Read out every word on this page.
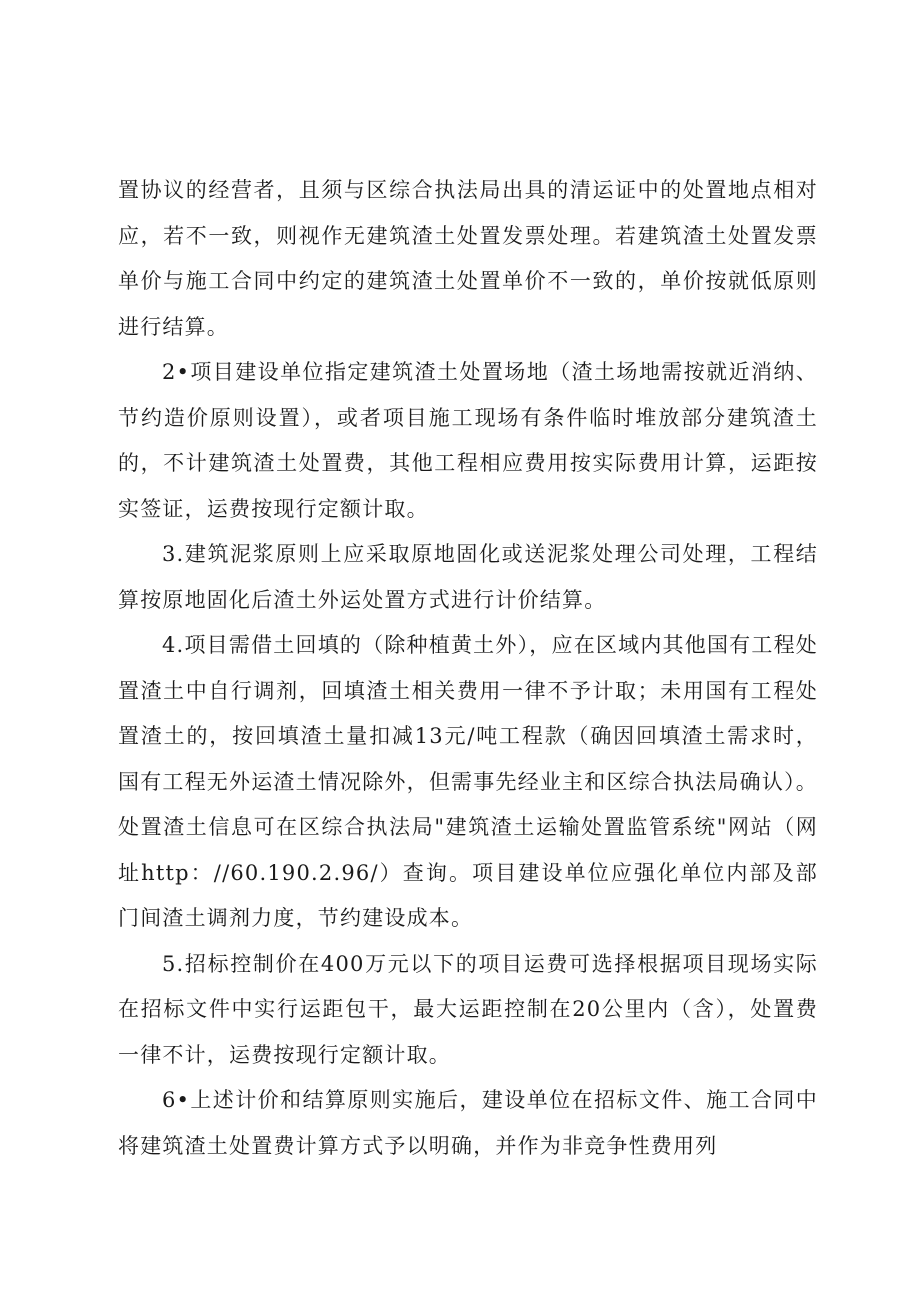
置协议的经营者，且须与区综合执法局出具的清运证中的处置地点相对应，若不一致，则视作无建筑渣土处置发票处理。若建筑渣土处置发票单价与施工合同中约定的建筑渣土处置单价不一致的，单价按就低原则进行结算。

2•项目建设单位指定建筑渣土处置场地（渣土场地需按就近消纳、节约造价原则设置），或者项目施工现场有条件临时堆放部分建筑渣土的，不计建筑渣土处置费，其他工程相应费用按实际费用计算，运距按实签证，运费按现行定额计取。

3.建筑泥浆原则上应采取原地固化或送泥浆处理公司处理，工程结算按原地固化后渣土外运处置方式进行计价结算。

4.项目需借土回填的（除种植黄土外），应在区域内其他国有工程处置渣土中自行调剂，回填渣土相关费用一律不予计取；未用国有工程处置渣土的，按回填渣土量扣减13元/吨工程款（确因回填渣土需求时，国有工程无外运渣土情况除外，但需事先经业主和区综合执法局确认）。处置渣土信息可在区综合执法局"建筑渣土运输处置监管系统"网站（网址http：//60.190.2.96/）查询。项目建设单位应强化单位内部及部门间渣土调剂力度，节约建设成本。

5.招标控制价在400万元以下的项目运费可选择根据项目现场实际在招标文件中实行运距包干，最大运距控制在20公里内（含），处置费一律不计，运费按现行定额计取。

6•上述计价和结算原则实施后，建设单位在招标文件、施工合同中将建筑渣土处置费计算方式予以明确，并作为非竞争性费用列
